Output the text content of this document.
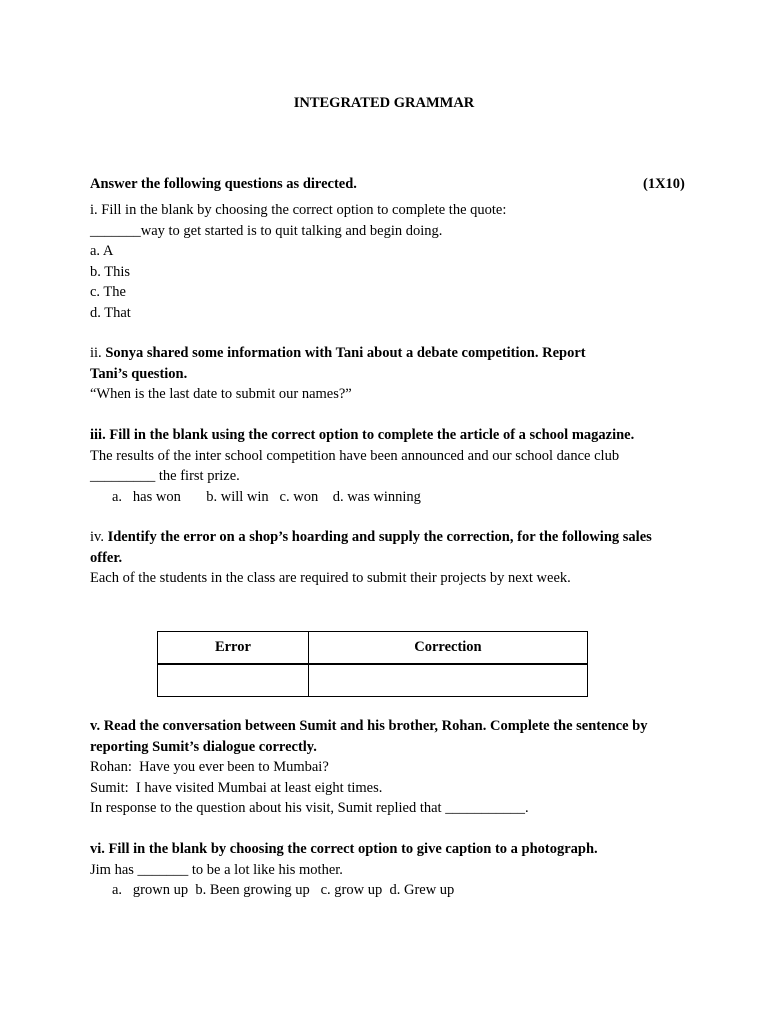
INTEGRATED GRAMMAR
Answer the following questions as directed.	(1X10)
i. Fill in the blank by choosing the correct option to complete the quote:
_______way to get started is to quit talking and begin doing.
a. A
b. This
c. The
d. That
ii. Sonya shared some information with Tani about a debate competition. Report
Tani’s question.
“When is the last date to submit our names?”
iii. Fill in the blank using the correct option to complete the article of a school magazine.
The results of the inter school competition have been announced and our school dance club
_________ the first prize.
a.   has won       b. will win   c. won    d. was winning
iv. Identify the error on a shop’s hoarding and supply the correction, for the following sales
offer.
Each of the students in the class are required to submit their projects by next week.
Error	Correction

v. Read the conversation between Sumit and his brother, Rohan. Complete the sentence by
reporting Sumit’s dialogue correctly.
Rohan:  Have you ever been to Mumbai?
Sumit:  I have visited Mumbai at least eight times.
In response to the question about his visit, Sumit replied that ___________.
vi. Fill in the blank by choosing the correct option to give caption to a photograph.
Jim has _______ to be a lot like his mother.
a.   grown up  b. Been growing up   c. grow up  d. Grew up
